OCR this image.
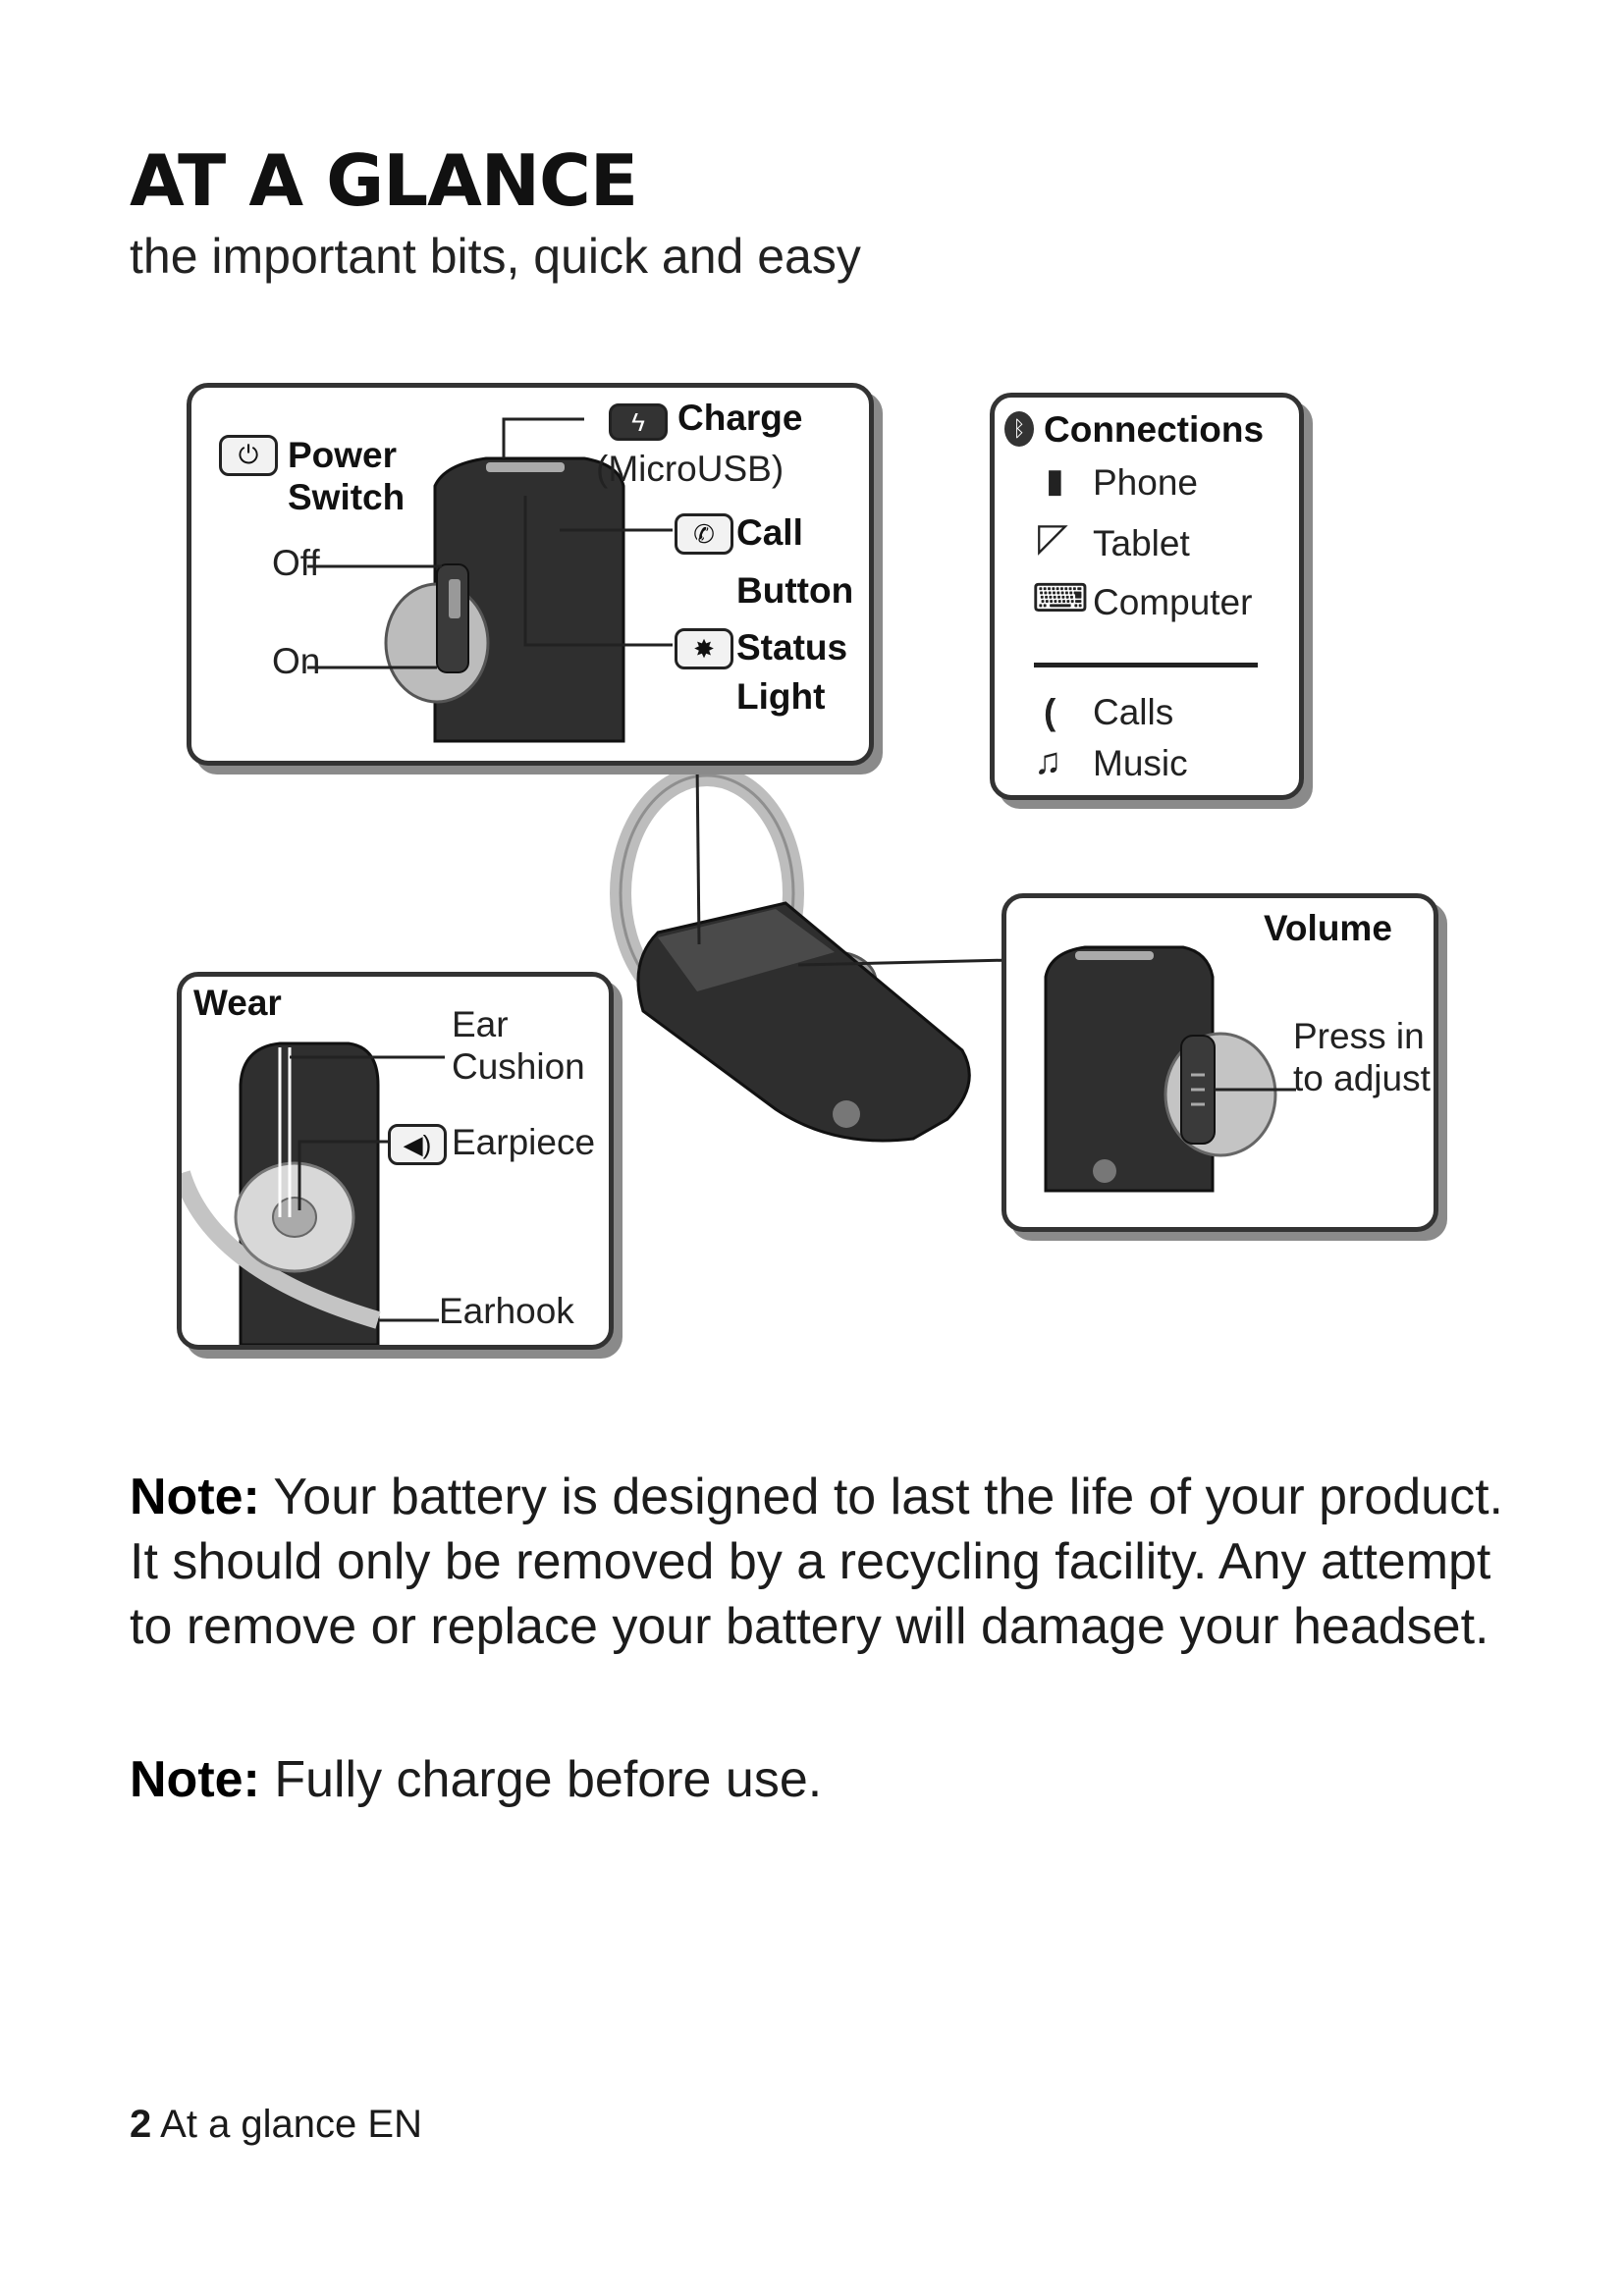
AT A GLANCE
the important bits, quick and easy
⏻ Power
Switch
Off
On
ϟ Charge
(MicroUSB)
✆ Call
Button
✸ Status
Light
ᛒ Connections
▮ Phone
◸ Tablet
⌨ Computer
( Calls
♫ Music
Volume
Press in
to adjust
Wear
Ear
Cushion
◀) Earpiece
Earhook
Note: Your battery is designed to last the life of your product. It should only be removed by a recycling facility. Any attempt to remove or replace your battery will damage your headset.
Note: Fully charge before use.
2 At a glance EN
